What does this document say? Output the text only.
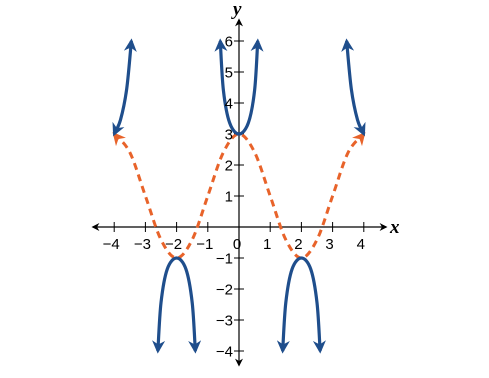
−4 −3 −2 −1 0 1 2 3 4
−4
−3
−2
−1
1
2
3
4
5
6
x
y
